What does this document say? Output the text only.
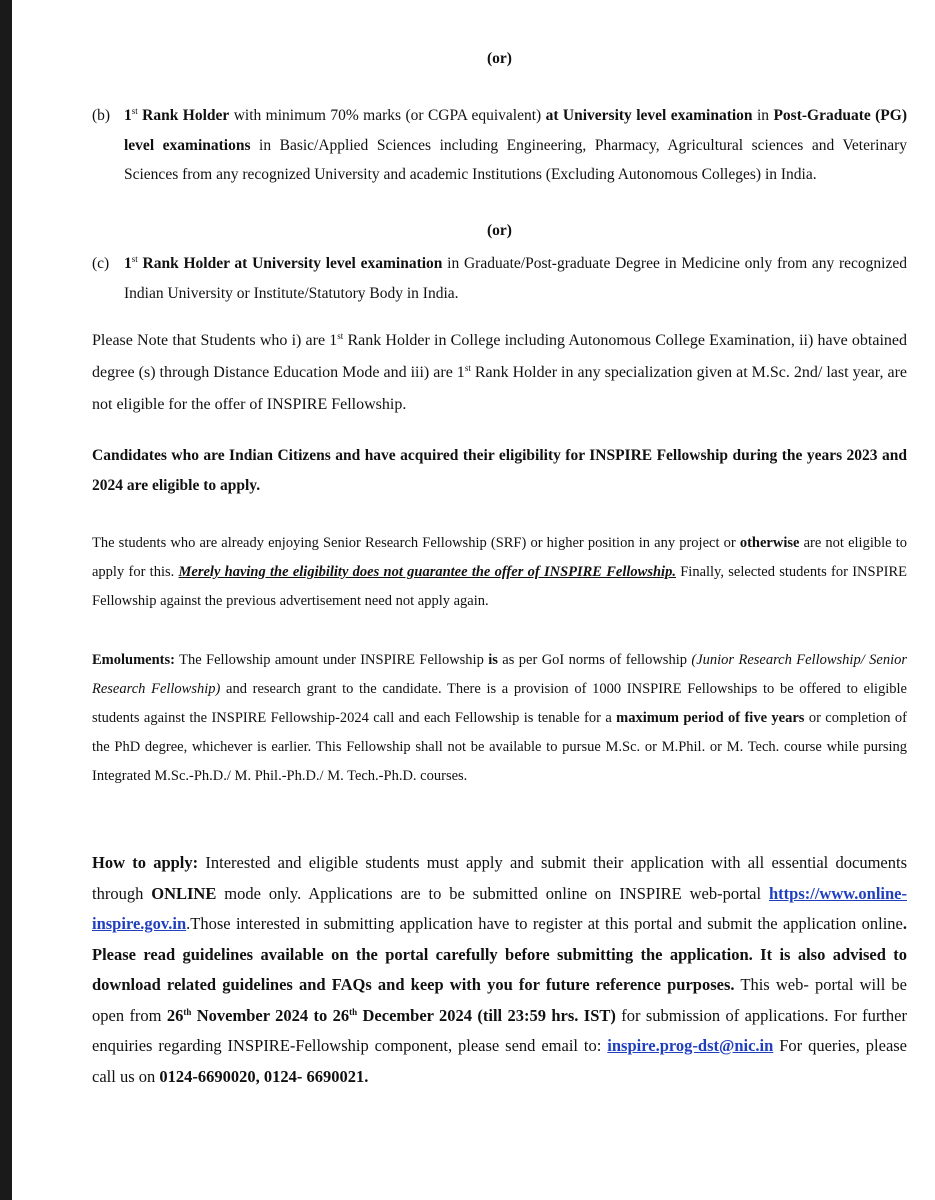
(or)
(b) 1st Rank Holder with minimum 70% marks (or CGPA equivalent) at University level examination in Post-Graduate (PG) level examinations in Basic/Applied Sciences including Engineering, Pharmacy, Agricultural sciences and Veterinary Sciences from any recognized University and academic Institutions (Excluding Autonomous Colleges) in India.
(or)
(c) 1st Rank Holder at University level examination in Graduate/Post-graduate Degree in Medicine only from any recognized Indian University or Institute/Statutory Body in India.
Please Note that Students who i) are 1st Rank Holder in College including Autonomous College Examination, ii) have obtained degree (s) through Distance Education Mode and iii) are 1st Rank Holder in any specialization given at M.Sc. 2nd/ last year, are not eligible for the offer of INSPIRE Fellowship.
Candidates who are Indian Citizens and have acquired their eligibility for INSPIRE Fellowship during the years 2023 and 2024 are eligible to apply.
The students who are already enjoying Senior Research Fellowship (SRF) or higher position in any project or otherwise are not eligible to apply for this. Merely having the eligibility does not guarantee the offer of INSPIRE Fellowship. Finally, selected students for INSPIRE Fellowship against the previous advertisement need not apply again.
Emoluments: The Fellowship amount under INSPIRE Fellowship is as per GoI norms of fellowship (Junior Research Fellowship/ Senior Research Fellowship) and research grant to the candidate. There is a provision of 1000 INSPIRE Fellowships to be offered to eligible students against the INSPIRE Fellowship-2024 call and each Fellowship is tenable for a maximum period of five years or completion of the PhD degree, whichever is earlier. This Fellowship shall not be available to pursue M.Sc. or M.Phil. or M. Tech. course while pursing Integrated M.Sc.-Ph.D./ M. Phil.-Ph.D./ M. Tech.-Ph.D. courses.
How to apply: Interested and eligible students must apply and submit their application with all essential documents through ONLINE mode only. Applications are to be submitted online on INSPIRE web-portal https://www.online-inspire.gov.in.Those interested in submitting application have to register at this portal and submit the application online. Please read guidelines available on the portal carefully before submitting the application. It is also advised to download related guidelines and FAQs and keep with you for future reference purposes. This web- portal will be open from 26th November 2024 to 26th December 2024 (till 23:59 hrs. IST) for submission of applications. For further enquiries regarding INSPIRE-Fellowship component, please send email to: inspire.prog-dst@nic.in For queries, please call us on 0124-6690020, 0124- 6690021.
